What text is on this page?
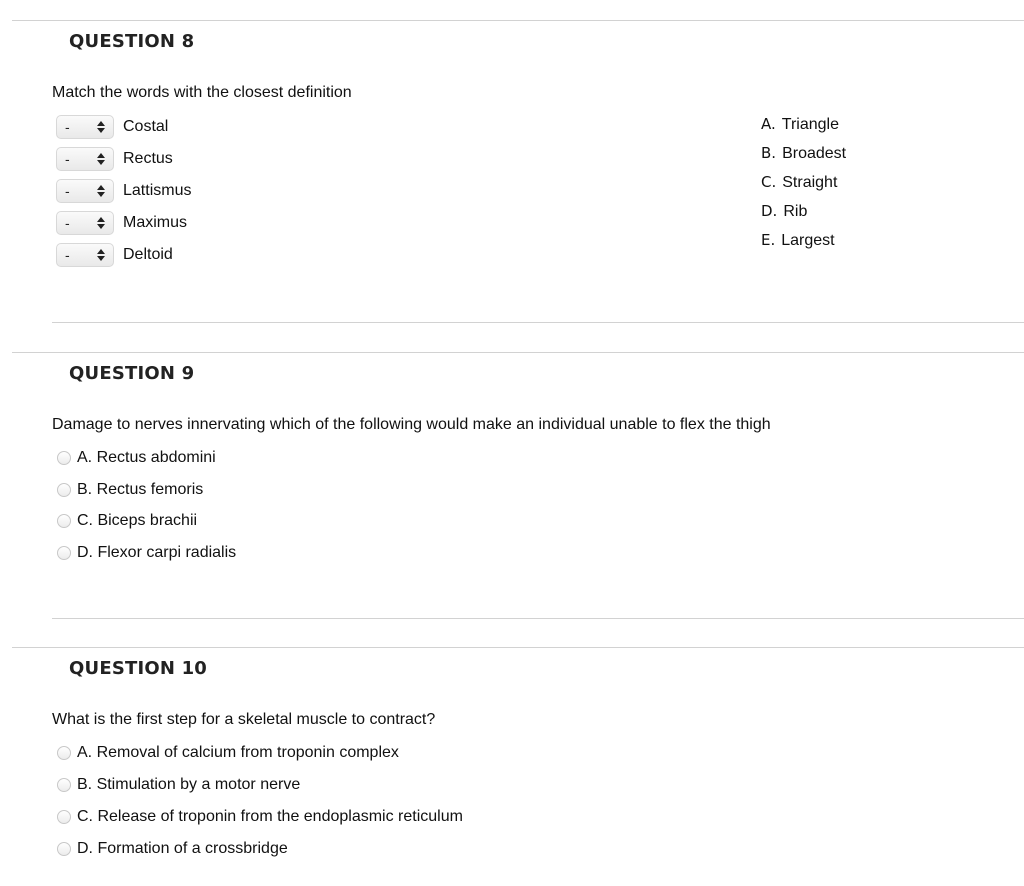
QUESTION 8
Match the words with the closest definition
-	Costal
-	Rectus
-	Lattismus
-	Maximus
-	Deltoid
A. Triangle
B. Broadest
C. Straight
D. Rib
E. Largest
QUESTION 9
Damage to nerves innervating which of the following would make an individual unable to flex the thigh
A. Rectus abdomini
B. Rectus femoris
C. Biceps brachii
D. Flexor carpi radialis
QUESTION 10
What is the first step for a skeletal muscle to contract?
A. Removal of calcium from troponin complex
B. Stimulation by a motor nerve
C. Release of troponin from the endoplasmic reticulum
D. Formation of a crossbridge
